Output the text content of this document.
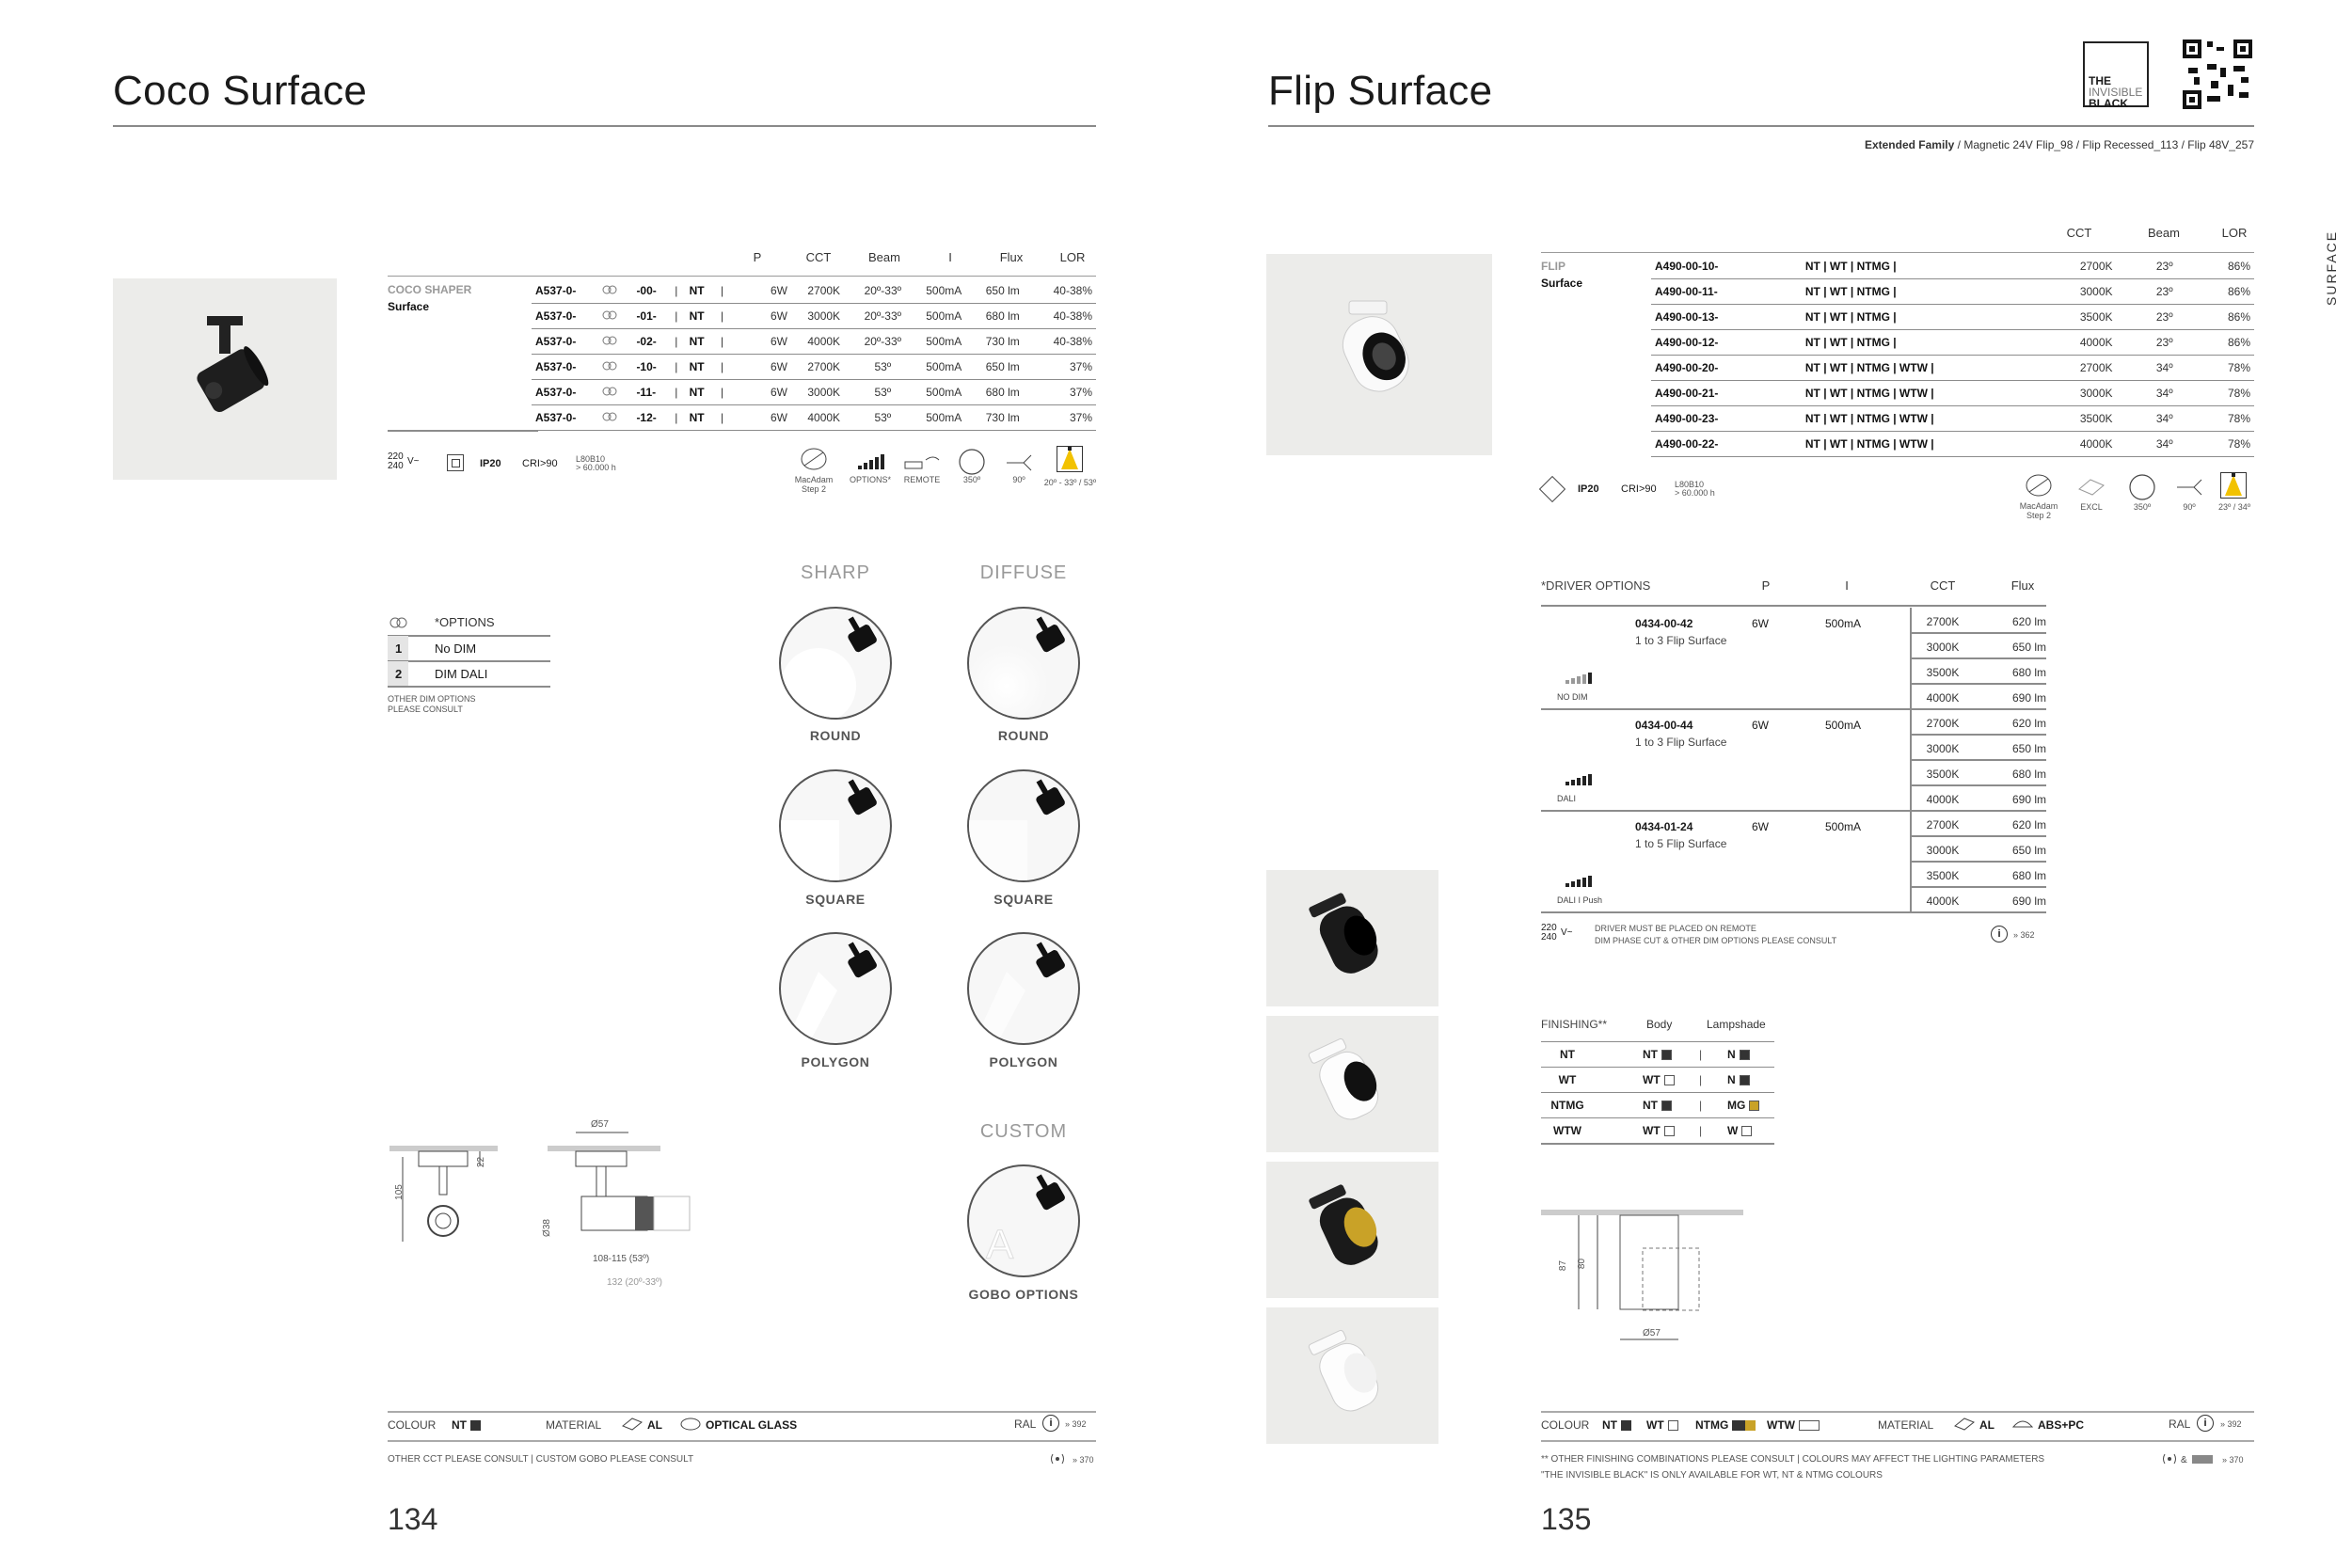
Coco Surface
P	CCT	Beam	I	Flux	LOR
COCO SHAPER
Surface
A537-0-		-00-	|	NT	|	6W	2700K	20º-33º	500mA	650 lm	40-38%
A537-0-		-01-	|	NT	|	6W	3000K	20º-33º	500mA	680 lm	40-38%
A537-0-		-02-	|	NT	|	6W	4000K	20º-33º	500mA	730 lm	40-38%
A537-0-		-10-	|	NT	|	6W	2700K	53º	500mA	650 lm	37%
A537-0-		-11-	|	NT	|	6W	3000K	53º	500mA	680 lm	37%
A537-0-		-12-	|	NT	|	6W	4000K	53º	500mA	730 lm	37%
220
240 V~	IP20 CRI>90 L80B10
> 60.000 h
MacAdam Step 2
OPTIONS*	REMOTE	350º	90º	20º - 33º / 53º
*OPTIONS
1	No DIM
2	DIM DALI
OTHER DIM OPTIONS
PLEASE CONSULT
SHARP	DIFFUSE
ROUND	ROUND
SQUARE	SQUARE
POLYGON	POLYGON
CUSTOM
A
GOBO OPTIONS
105
22
Ø57
Ø38
108-115 (53º)
132 (20º-33º)
COLOUR NT	MATERIAL	AL	OPTICAL GLASS	RAL	i	» 392
OTHER CCT PLEASE CONSULT | CUSTOM GOBO PLEASE CONSULT	» 370
134
Flip Surface	THE
INVISIBLE
BLACK
Extended Family / Magnetic 24V Flip_98 / Flip Recessed_113 / Flip 48V_257
SURFACE
CCT	Beam	LOR
FLIP
Surface
A490-00-10-	NT | WT | NTMG |	2700K	23º	86%
A490-00-11-	NT | WT | NTMG |	3000K	23º	86%
A490-00-13-	NT | WT | NTMG |	3500K	23º	86%
A490-00-12-	NT | WT | NTMG |	4000K	23º	86%
A490-00-20-	NT | WT | NTMG | WTW |	2700K	34º	78%
A490-00-21-	NT | WT | NTMG | WTW |	3000K	34º	78%
A490-00-23-	NT | WT | NTMG | WTW |	3500K	34º	78%
A490-00-22-	NT | WT | NTMG | WTW |	4000K	34º	78%
IP20 CRI>90 L80B10
> 60.000 h
MacAdam Step 2
EXCL	350º	90º	23º / 34º
*DRIVER OPTIONS	P	I	CCT	Flux
0434-00-42
1 to 3 Flip Surface
6W	500mA
NO DIM
2700K	620 lm
3000K	650 lm
3500K	680 lm
4000K	690 lm
0434-00-44
1 to 3 Flip Surface
6W	500mA
DALI
2700K	620 lm
3000K	650 lm
3500K	680 lm
4000K	690 lm
0434-01-24
1 to 5 Flip Surface
6W	500mA
DALI I Push
2700K	620 lm
3000K	650 lm
3500K	680 lm
4000K	690 lm
220
240 V~	DRIVER MUST BE PLACED ON REMOTE
DIM PHASE CUT & OTHER DIM OPTIONS PLEASE CONSULT
i	» 362
FINISHING**	Body	Lampshade
NT	NT	| N
WT	WT	| N
NTMG	NT	| MG
WTW	WT	| W
87 80
Ø57
COLOUR NT	WT	NTMG	WTW	MATERIAL	AL	ABS+PC	RAL	i	» 392
** OTHER FINISHING COMBINATIONS PLEASE CONSULT | COLOURS MAY AFFECT THE LIGHTING PARAMETERS
"THE INVISIBLE BLACK" IS ONLY AVAILABLE FOR WT, NT & NTMG COLOURS
&	» 370
135
